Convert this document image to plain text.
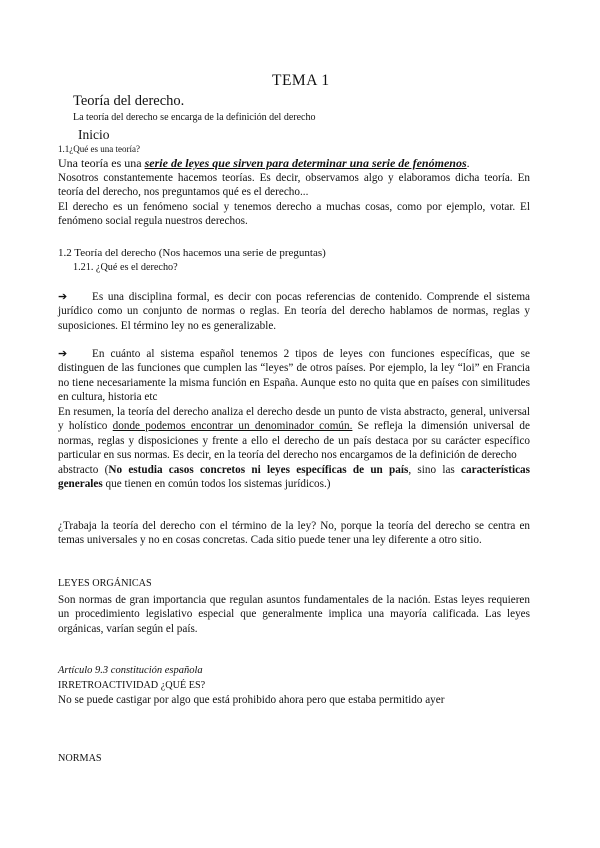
TEMA 1
Teoría del derecho.
La teoría del derecho se encarga de la definición del derecho
Inicio
1.1¿Qué es una teoría?
Una teoría es una serie de leyes que sirven para determinar una serie de fenómenos.
Nosotros constantemente hacemos teorías. Es decir, observamos algo y elaboramos dicha teoría. En teoría del derecho, nos preguntamos qué es el derecho...
El derecho es un fenómeno social y tenemos derecho a muchas cosas, como por ejemplo, votar. El fenómeno social regula nuestros derechos.
1.2 Teoría del derecho (Nos hacemos una serie de preguntas)
1.21. ¿Qué es el derecho?
➔ Es una disciplina formal, es decir con pocas referencias de contenido. Comprende el sistema jurídico como un conjunto de normas o reglas. En teoría del derecho hablamos de normas, reglas y suposiciones. El término ley no es generalizable.
➔ En cuánto al sistema español tenemos 2 tipos de leyes con funciones específicas, que se distinguen de las funciones que cumplen las “leyes” de otros países. Por ejemplo, la ley “loi” en Francia no tiene necesariamente la misma función en España. Aunque esto no quita que en países con similitudes en cultura, historia etc
En resumen, la teoría del derecho analiza el derecho desde un punto de vista abstracto, general, universal y holístico donde podemos encontrar un denominador común. Se refleja la dimensión universal de normas, reglas y disposiciones y frente a ello el derecho de un país destaca por su carácter específico particular en sus normas. Es decir, en la teoría del derecho nos encargamos de la definición de derecho
abstracto (No estudia casos concretos ni leyes específicas de un país, sino las características generales que tienen en común todos los sistemas jurídicos.)
¿Trabaja la teoría del derecho con el término de la ley? No, porque la teoría del derecho se centra en temas universales y no en cosas concretas. Cada sitio puede tener una ley diferente a otro sitio.
LEYES ORGÁNICAS
Son normas de gran importancia que regulan asuntos fundamentales de la nación. Estas leyes requieren un procedimiento legislativo especial que generalmente implica una mayoría calificada. Las leyes orgánicas, varían según el país.
Artículo 9.3 constitución española
IRRETROACTIVIDAD ¿QUÉ ES?
No se puede castigar por algo que está prohibido ahora pero que estaba permitido ayer
NORMAS
